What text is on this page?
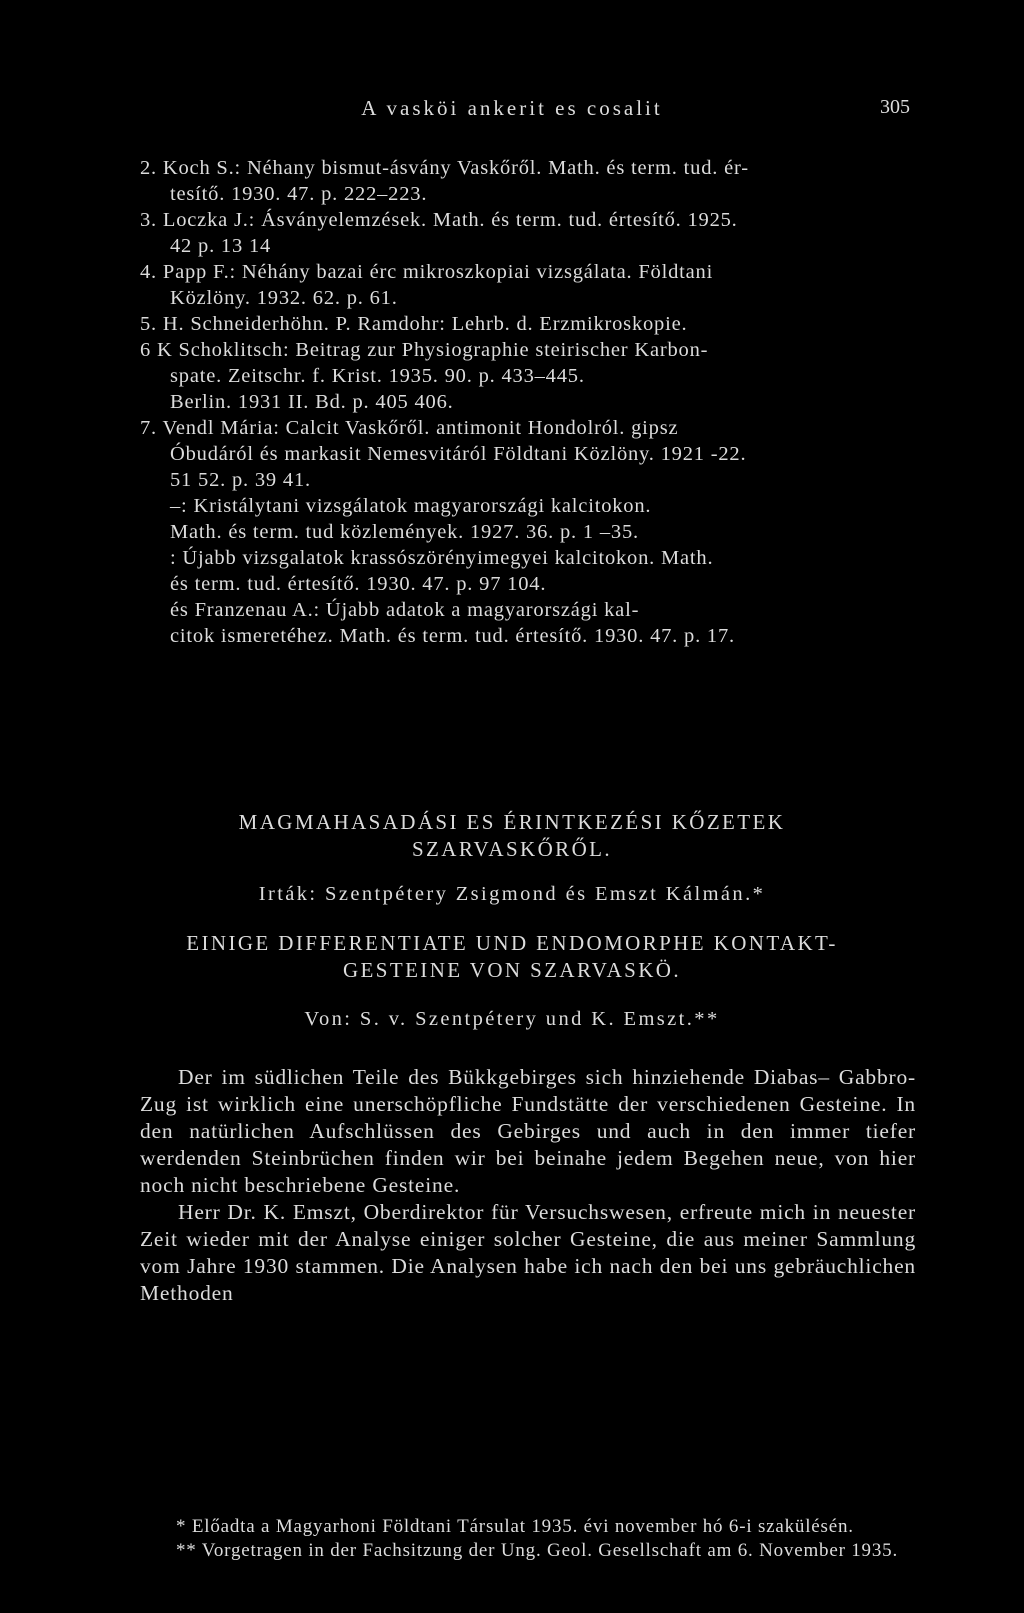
A vasköi ankerit es cosalit	305

2. Koch S.: Néhany bismut-ásvány Vaskőről. Math. és term. tud. ér-
tesítő. 1930. 47. p. 222–223.

3. Loczka J.: Ásványelemzések. Math. és term. tud. értesítő. 1925.
42 p. 13 14

4. Papp F.: Néhány bazai érc mikroszkopiai vizsgálata. Földtani
Közlöny. 1932. 62. p. 61.

5. H. Schneiderhöhn. P. Ramdohr: Lehrb. d. Erzmikroskopie.

6 K Schoklitsch: Beitrag zur Physiographie steirischer Karbon-
spate. Zeitschr. f. Krist. 1935. 90. p. 433–445.

Berlin. 1931 II. Bd. p. 405 406.

7. Vendl Mária: Calcit Vaskőről. antimonit Hondolról. gipsz
Óbudáról és markasit Nemesvitáról Földtani Közlöny. 1921 -22.
51 52. p. 39 41.

–: Kristálytani vizsgálatok magyarországi kalcitokon.
Math. és term. tud közlemények. 1927. 36. p. 1 –35.

: Újabb vizsgalatok krassószörényimegyei kalcitokon. Math.
és term. tud. értesítő. 1930. 47. p. 97 104.

és Franzenau A.: Újabb adatok a magyarországi kal-
citok ismeretéhez. Math. és term. tud. értesítő. 1930. 47. p. 17.

MAGMAHASADÁSI ES ÉRINTKEZÉSI KŐZETEK
SZARVASKŐRŐL.
Irták: Szentpétery Zsigmond és Emszt Kálmán.*
EINIGE DIFFERENTIATE UND ENDOMORPHE KONTAKT-
GESTEINE VON SZARVASKÖ.
Von: S. v. Szentpétery und K. Emszt.**

Der im südlichen Teile des Bükkgebirges sich hinziehende Diabas– Gabbro-Zug ist wirklich eine unerschöpfliche Fundstätte der verschiedenen Gesteine. In den natürlichen Aufschlüssen des Gebirges und auch in den immer tiefer werdenden Steinbrüchen finden wir bei beinahe jedem Begehen neue, von hier noch nicht beschriebene Gesteine.

Herr Dr. K. Emszt, Oberdirektor für Versuchswesen, erfreute mich in neuester Zeit wieder mit der Analyse einiger solcher Gesteine, die aus meiner Sammlung vom Jahre 1930 stammen. Die Analysen habe ich nach den bei uns gebräuchlichen Methoden

* Előadta a Magyarhoni Földtani Társulat 1935. évi november hó 6-i szakülésén.

** Vorgetragen in der Fachsitzung der Ung. Geol. Gesellschaft am 6. November 1935.
